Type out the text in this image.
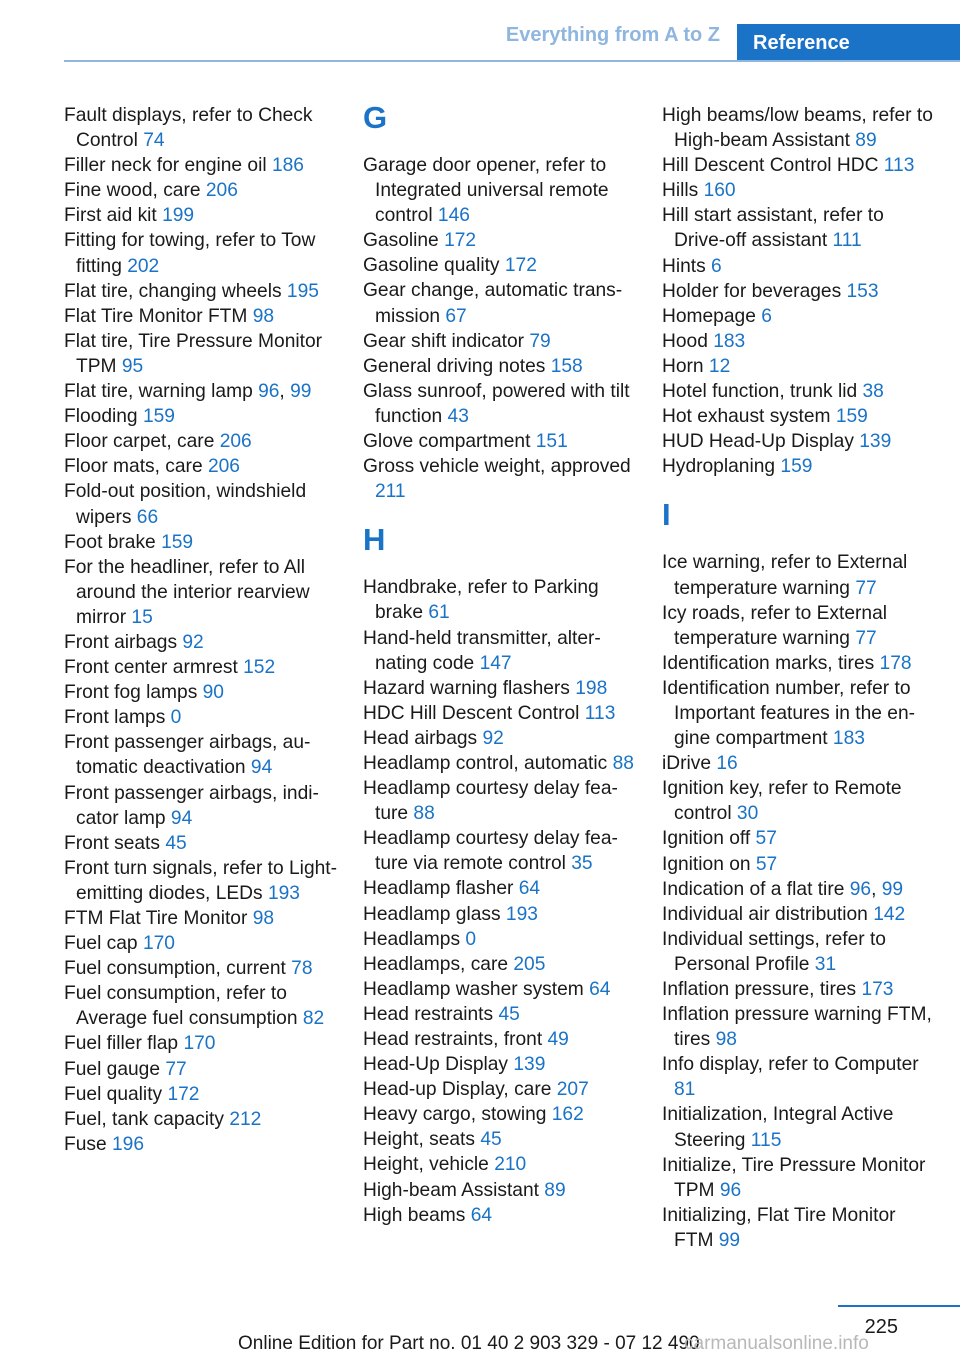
Everything from A to Z	Reference
Fault displays, refer to Check Control 74
Filler neck for engine oil 186
Fine wood, care 206
First aid kit 199
Fitting for towing, refer to Tow fitting 202
Flat tire, changing wheels 195
Flat Tire Monitor FTM 98
Flat tire, Tire Pressure Monitor TPM 95
Flat tire, warning lamp 96, 99
Flooding 159
Floor carpet, care 206
Floor mats, care 206
Fold-out position, windshield wipers 66
Foot brake 159
For the headliner, refer to All around the interior rearview mirror 15
Front airbags 92
Front center armrest 152
Front fog lamps 90
Front lamps 0
Front passenger airbags, automatic deactivation 94
Front passenger airbags, indicator lamp 94
Front seats 45
Front turn signals, refer to Light-emitting diodes, LEDs 193
FTM Flat Tire Monitor 98
Fuel cap 170
Fuel consumption, current 78
Fuel consumption, refer to Average fuel consumption 82
Fuel filler flap 170
Fuel gauge 77
Fuel quality 172
Fuel, tank capacity 212
Fuse 196
G
Garage door opener, refer to Integrated universal remote control 146
Gasoline 172
Gasoline quality 172
Gear change, automatic transmission 67
Gear shift indicator 79
General driving notes 158
Glass sunroof, powered with tilt function 43
Glove compartment 151
Gross vehicle weight, approved 211
H
Handbrake, refer to Parking brake 61
Hand-held transmitter, alternating code 147
Hazard warning flashers 198
HDC Hill Descent Control 113
Head airbags 92
Headlamp control, automatic 88
Headlamp courtesy delay feature 88
Headlamp courtesy delay feature via remote control 35
Headlamp flasher 64
Headlamp glass 193
Headlamps 0
Headlamps, care 205
Headlamp washer system 64
Head restraints 45
Head restraints, front 49
Head-Up Display 139
Head-up Display, care 207
Heavy cargo, stowing 162
Height, seats 45
Height, vehicle 210
High-beam Assistant 89
High beams 64
High beams/low beams, refer to High-beam Assistant 89
Hill Descent Control HDC 113
Hills 160
Hill start assistant, refer to Drive-off assistant 111
Hints 6
Holder for beverages 153
Homepage 6
Hood 183
Horn 12
Hotel function, trunk lid 38
Hot exhaust system 159
HUD Head-Up Display 139
Hydroplaning 159
I
Ice warning, refer to External temperature warning 77
Icy roads, refer to External temperature warning 77
Identification marks, tires 178
Identification number, refer to Important features in the engine compartment 183
iDrive 16
Ignition key, refer to Remote control 30
Ignition off 57
Ignition on 57
Indication of a flat tire 96, 99
Individual air distribution 142
Individual settings, refer to Personal Profile 31
Inflation pressure, tires 173
Inflation pressure warning FTM, tires 98
Info display, refer to Computer 81
Initialization, Integral Active Steering 115
Initialize, Tire Pressure Monitor TPM 96
Initializing, Flat Tire Monitor FTM 99
225
Online Edition for Part no. 01 40 2 903 329 - 07 12 490
carmanualsonline.info
